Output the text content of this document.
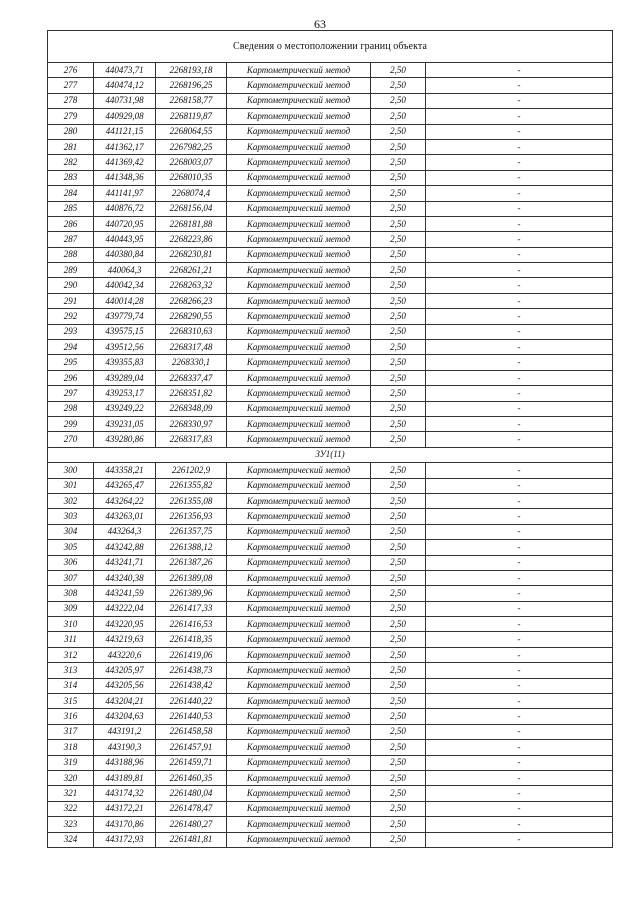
63
Сведения о местоположении границ объекта					
276	440473,71	2268193,18	Картометрический метод	2,50	-
277	440474,12	2268196,25	Картометрический метод	2,50	-
278	440731,98	2268158,77	Картометрический метод	2,50	-
279	440929,08	2268119,87	Картометрический метод	2,50	-
280	441121,15	2268064,55	Картометрический метод	2,50	-
281	441362,17	2267982,25	Картометрический метод	2,50	-
282	441369,42	2268003,07	Картометрический метод	2,50	-
283	441348,36	2268010,35	Картометрический метод	2,50	-
284	441141,97	2268074,4	Картометрический метод	2,50	-
285	440876,72	2268156,04	Картометрический метод	2,50	-
286	440720,95	2268181,88	Картометрический метод	2,50	-
287	440443,95	2268223,86	Картометрический метод	2,50	-
288	440380,84	2268230,81	Картометрический метод	2,50	-
289	440064,3	2268261,21	Картометрический метод	2,50	-
290	440042,34	2268263,32	Картометрический метод	2,50	-
291	440014,28	2268266,23	Картометрический метод	2,50	-
292	439779,74	2268290,55	Картометрический метод	2,50	-
293	439575,15	2268310,63	Картометрический метод	2,50	-
294	439512,56	2268317,48	Картометрический метод	2,50	-
295	439355,83	2268330,1	Картометрический метод	2,50	-
296	439289,04	2268337,47	Картометрический метод	2,50	-
297	439253,17	2268351,82	Картометрический метод	2,50	-
298	439249,22	2268348,09	Картометрический метод	2,50	-
299	439231,05	2268330,97	Картометрический метод	2,50	-
270	439280,86	2268317,83	Картометрический метод	2,50	-
ЗУ1(11)					
300	443358,21	2261202,9	Картометрический метод	2,50	-
301	443265,47	2261355,82	Картометрический метод	2,50	-
302	443264,22	2261355,08	Картометрический метод	2,50	-
303	443263,01	2261356,93	Картометрический метод	2,50	-
304	443264,3	2261357,75	Картометрический метод	2,50	-
305	443242,88	2261388,12	Картометрический метод	2,50	-
306	443241,71	2261387,26	Картометрический метод	2,50	-
307	443240,38	2261389,08	Картометрический метод	2,50	-
308	443241,59	2261389,96	Картометрический метод	2,50	-
309	443222,04	2261417,33	Картометрический метод	2,50	-
310	443220,95	2261416,53	Картометрический метод	2,50	-
311	443219,63	2261418,35	Картометрический метод	2,50	-
312	443220,6	2261419,06	Картометрический метод	2,50	-
313	443205,97	2261438,73	Картометрический метод	2,50	-
314	443205,56	2261438,42	Картометрический метод	2,50	-
315	443204,21	2261440,22	Картометрический метод	2,50	-
316	443204,63	2261440,53	Картометрический метод	2,50	-
317	443191,2	2261458,58	Картометрический метод	2,50	-
318	443190,3	2261457,91	Картометрический метод	2,50	-
319	443188,96	2261459,71	Картометрический метод	2,50	-
320	443189,81	2261460,35	Картометрический метод	2,50	-
321	443174,32	2261480,04	Картометрический метод	2,50	-
322	443172,21	2261478,47	Картометрический метод	2,50	-
323	443170,86	2261480,27	Картометрический метод	2,50	-
324	443172,93	2261481,81	Картометрический метод	2,50	-
